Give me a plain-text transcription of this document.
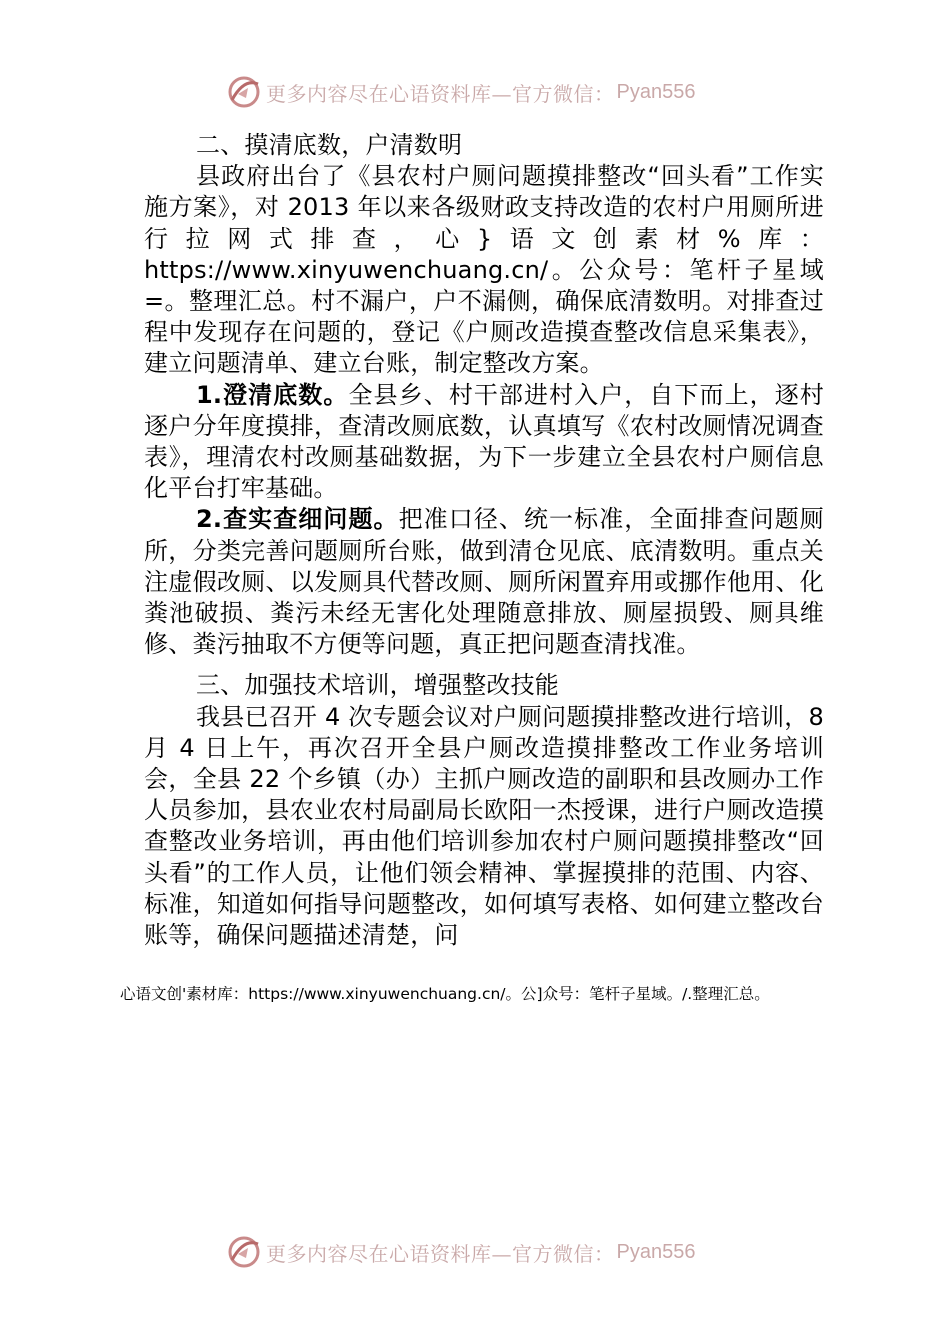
更多内容尽在心语资料库—官方微信： Pyan556

二、摸清底数，户清数明

县政府出台了《县农村户厕问题摸排整改“回头看”工作实施方案》，对 2013 年以来各级财政支持改造的农村户用厕所进行拉网式排查，心}语文创素材%库：https://www.xinyuwenchuang.cn/。公众号：笔杆子星域=。整理汇总。村不漏户，户不漏侧，确保底清数明。对排查过程中发现存在问题的，登记《户厕改造摸查整改信息采集表》，建立问题清单、建立台账，制定整改方案。

1.澄清底数。全县乡、村干部进村入户，自下而上，逐村逐户分年度摸排，查清改厕底数，认真填写《农村改厕情况调查表》，理清农村改厕基础数据，为下一步建立全县农村户厕信息化平台打牢基础。

2.查实查细问题。把准口径、统一标准，全面排查问题厕所，分类完善问题厕所台账，做到清仓见底、底清数明。重点关注虚假改厕、以发厕具代替改厕、厕所闲置弃用或挪作他用、化粪池破损、粪污未经无害化处理随意排放、厕屋损毁、厕具维修、粪污抽取不方便等问题，真正把问题查清找准。

三、加强技术培训，增强整改技能

我县已召开 4 次专题会议对户厕问题摸排整改进行培训，8 月 4 日上午，再次召开全县户厕改造摸排整改工作业务培训会，全县 22 个乡镇（办）主抓户厕改造的副职和县改厕办工作人员参加，县农业农村局副局长欧阳一杰授课，进行户厕改造摸查整改业务培训，再由他们培训参加农村户厕问题摸排整改“回头看”的工作人员，让他们领会精神、掌握摸排的范围、内容、标准，知道如何指导问题整改，如何填写表格、如何建立整改台账等，确保问题描述清楚，问

心语文创'素材库：https://www.xinyuwenchuang.cn/。公]众号：笔杆子星域。/.整理汇总。
更多内容尽在心语资料库—官方微信： Pyan556
